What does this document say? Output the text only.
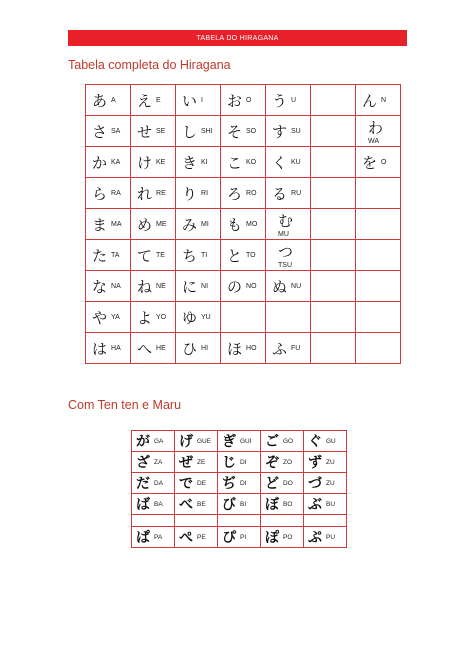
TABELA DO HIRAGANA
Tabela completa do Hiragana
あ A	え E	い I	お O	う U		ん N

さ SA	せ SE	し SHI	そ SO	す SU		わ
WA

か KA	け KE	き KI	こ KO	く KU		を O

ら RA	れ RE	り RI	ろ RO	る RU		

ま MA	め ME	み MI	も MO	む
MU		

た TA	て TE	ち TI	と TO	つ
TSU		

な NA	ね NE	に NI	の NO	ぬ NU		

や YA	よ YO	ゆ YU				

は HA	へ HE	ひ HI	ほ HO	ふ FU		

Com Ten ten e Maru
が GA	げ GUE	ぎ GUI	ご GO	ぐ GU

ざ ZA	ぜ ZE	じ DI	ぞ ZO	ず ZU

だ DA	で DE	ぢ DI	ど DO	づ ZU

ば BA	べ BE	び BI	ぼ BO	ぶ BU

ぱ PA	ぺ PE	ぴ PI	ぽ PO	ぷ PU
